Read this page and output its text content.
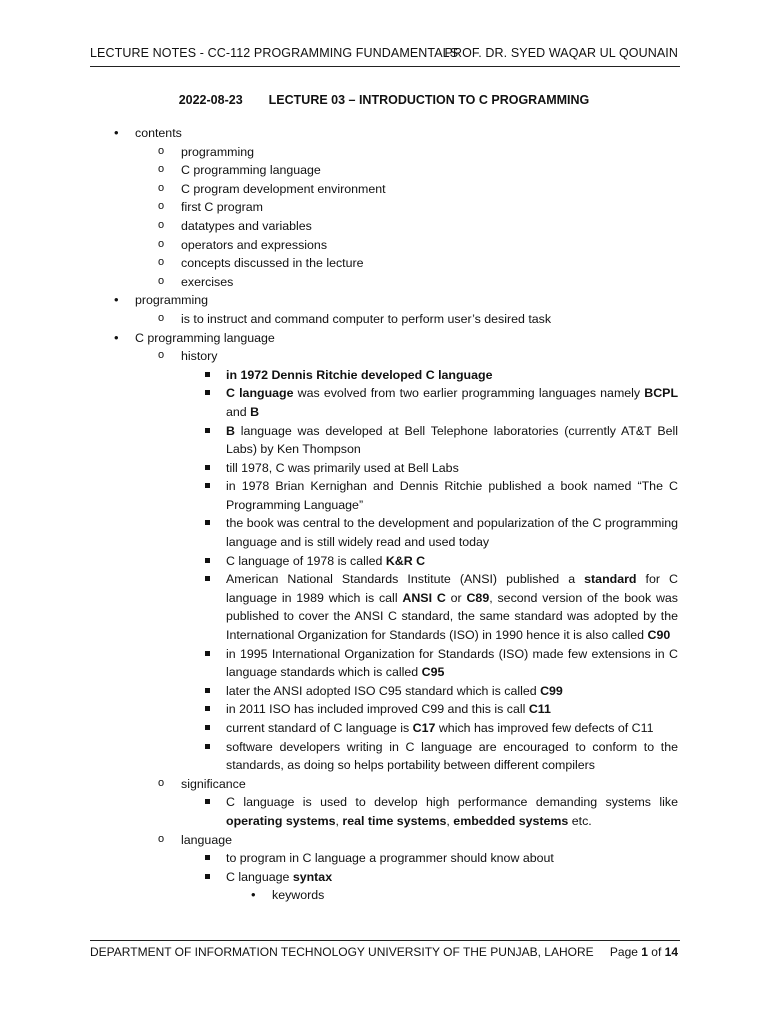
LECTURE NOTES - CC-112 PROGRAMMING FUNDAMENTALS
PROF. DR. SYED WAQAR UL QOUNAIN
2022-08-23 LECTURE 03 – INTRODUCTION TO C PROGRAMMING
• contents
o programming
o C programming language
o C program development environment
o first C program
o datatypes and variables
o operators and expressions
o concepts discussed in the lecture
o exercises
• programming
o is to instruct and command computer to perform user’s desired task
• C programming language
o history
in 1972 Dennis Ritchie developed C language
C language was evolved from two earlier programming languages namely BCPL and B
B language was developed at Bell Telephone laboratories (currently AT&T Bell Labs) by Ken Thompson
till 1978, C was primarily used at Bell Labs
in 1978 Brian Kernighan and Dennis Ritchie published a book named “The C Programming Language”
the book was central to the development and popularization of the C programming language and is still widely read and used today
C language of 1978 is called K&R C
American National Standards Institute (ANSI) published a standard for C language in 1989 which is call ANSI C or C89, second version of the book was published to cover the ANSI C standard, the same standard was adopted by the International Organization for Standards (ISO) in 1990 hence it is also called C90
in 1995 International Organization for Standards (ISO) made few extensions in C language standards which is called C95
later the ANSI adopted ISO C95 standard which is called C99
in 2011 ISO has included improved C99 and this is call C11
current standard of C language is C17 which has improved few defects of C11
software developers writing in C language are encouraged to conform to the standards, as doing so helps portability between different compilers
o significance
C language is used to develop high performance demanding systems like operating systems, real time systems, embedded systems etc.
o language
to program in C language a programmer should know about
C language syntax
• keywords
DEPARTMENT OF INFORMATION TECHNOLOGY UNIVERSITY OF THE PUNJAB, LAHORE Page 1 of 14
